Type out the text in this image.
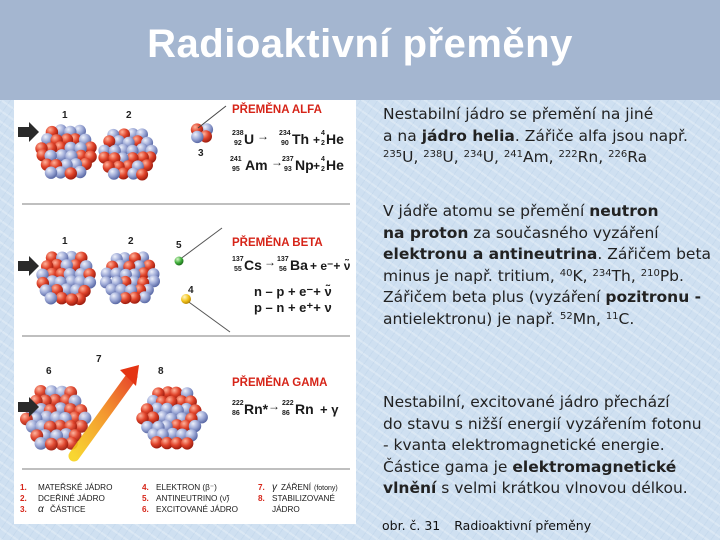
Radioaktivní přeměny
1	2
3
1	2	5
4
6
7
8
PŘEMĚNA ALFA
PŘEMĚNA BETA
PŘEMĚNA GAMA
238
92 U → 234
90 Th + 4
2 He
241
95 Am → 237
93 Np + 4
2 He
137
55 Cs → 137
56 Ba + e⁻+ ν̃
n – p + e⁻+ ν̃
p – n + e⁺+ ν
222
86 Rn* → 222
86 Rn + γ
1. MATEŘSKÉ JÁDRO
2. DCEŘINÉ JÁDRO
3. α ČÁSTICE
4. ELEKTRON (β⁻)
5. ANTINEUTRINO (ν̃)
6. EXCITOVANÉ JÁDRO
7. γ ZÁŘENÍ (fotony)
8. STABILIZOVANÉ
JÁDRO
Nestabilní jádro se přemění na jiné
a na jádro helia. Zářiče alfa jsou např.
$^{235}$U, $^{238}$U, $^{234}$U, $^{241}$Am, $^{222}$Rn, $^{226}$Ra
V jádře atomu se přemění neutron
na proton za současného vyzáření
elektronu a antineutrina. Zářičem beta
minus je např. tritium, $^{40}$K, $^{234}$Th, $^{210}$Pb.
Zářičem beta plus (vyzáření pozitronu -
antielektronu) je např. $^{52}$Mn, $^{11}$C.
Nestabilní, excitované jádro přechází
do stavu s nižší energií vyzářením fotonu
- kvanta elektromagnetické energie.
Částice gama je elektromagnetické
vlnění s velmi krátkou vlnovou délkou.
obr. č. 31 Radioaktivní přeměny
